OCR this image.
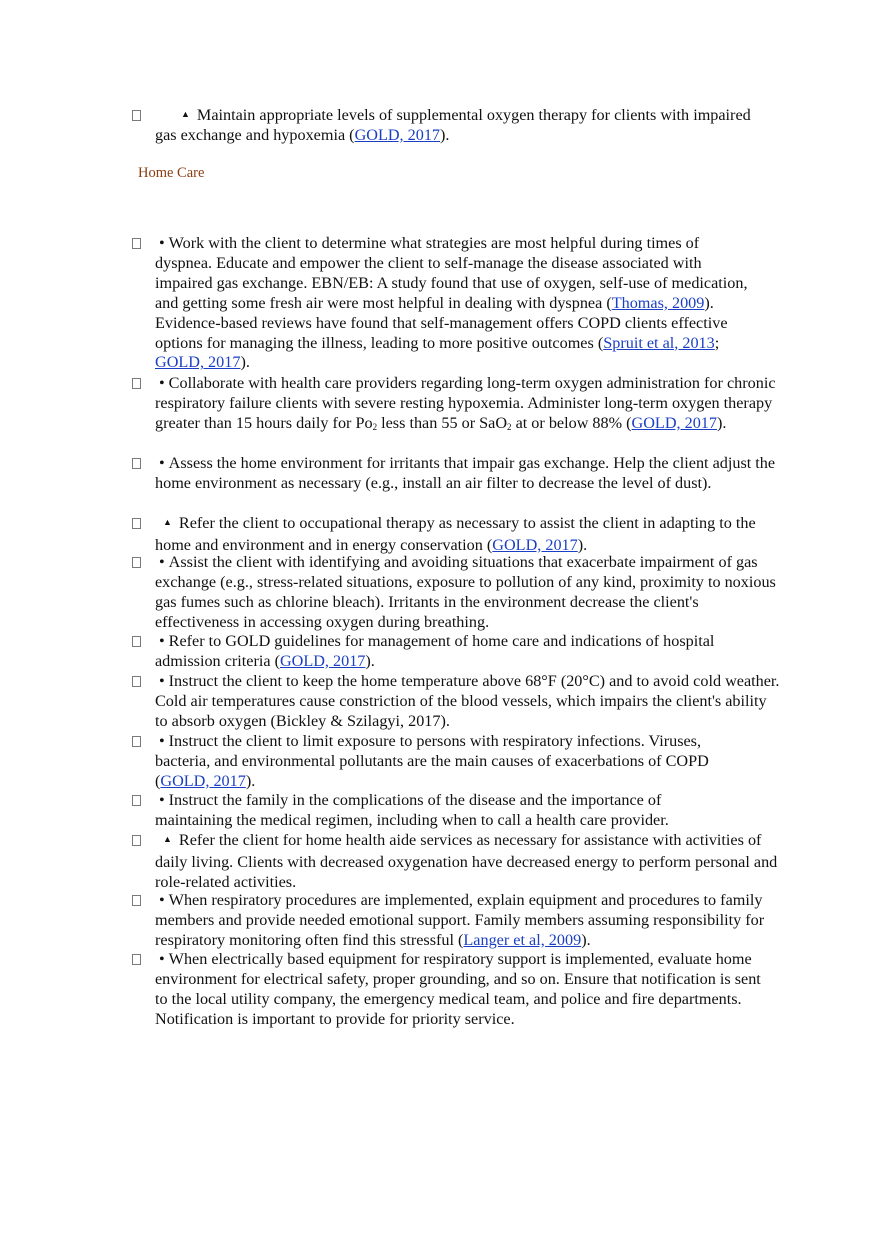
▲ Maintain appropriate levels of supplemental oxygen therapy for clients with impaired
gas exchange and hypoxemia (GOLD, 2017).
Home Care
• Work with the client to determine what strategies are most helpful during times of dyspnea. Educate and empower the client to self-manage the disease associated with impaired gas exchange. EBN/EB: A study found that use of oxygen, self-use of medication, and getting some fresh air were most helpful in dealing with dyspnea (Thomas, 2009). Evidence-based reviews have found that self-management offers COPD clients effective options for managing the illness, leading to more positive outcomes (Spruit et al, 2013; GOLD, 2017).
• Collaborate with health care providers regarding long-term oxygen administration for chronic respiratory failure clients with severe resting hypoxemia. Administer long-term oxygen therapy greater than 15 hours daily for $Po_2$ less than 55 or SaO$_2$ at or below 88% (GOLD, 2017).
• Assess the home environment for irritants that impair gas exchange. Help the client adjust the home environment as necessary (e.g., install an air filter to decrease the level of dust).
▲ Refer the client to occupational therapy as necessary to assist the client in adapting to the home and environment and in energy conservation (GOLD, 2017).
• Assist the client with identifying and avoiding situations that exacerbate impairment of gas exchange (e.g., stress-related situations, exposure to pollution of any kind, proximity to noxious gas fumes such as chlorine bleach). Irritants in the environment decrease the client's effectiveness in accessing oxygen during breathing.
• Refer to GOLD guidelines for management of home care and indications of hospital admission criteria (GOLD, 2017).
• Instruct the client to keep the home temperature above 68°F (20°C) and to avoid cold weather. Cold air temperatures cause constriction of the blood vessels, which impairs the client's ability to absorb oxygen (Bickley & Szilagyi, 2017).
• Instruct the client to limit exposure to persons with respiratory infections. Viruses, bacteria, and environmental pollutants are the main causes of exacerbations of COPD (GOLD, 2017).
• Instruct the family in the complications of the disease and the importance of maintaining the medical regimen, including when to call a health care provider.
▲ Refer the client for home health aide services as necessary for assistance with activities of daily living. Clients with decreased oxygenation have decreased energy to perform personal and role-related activities.
• When respiratory procedures are implemented, explain equipment and procedures to family members and provide needed emotional support. Family members assuming responsibility for respiratory monitoring often find this stressful (Langer et al, 2009).
• When electrically based equipment for respiratory support is implemented, evaluate home environment for electrical safety, proper grounding, and so on. Ensure that notification is sent to the local utility company, the emergency medical team, and police and fire departments. Notification is important to provide for priority service.
